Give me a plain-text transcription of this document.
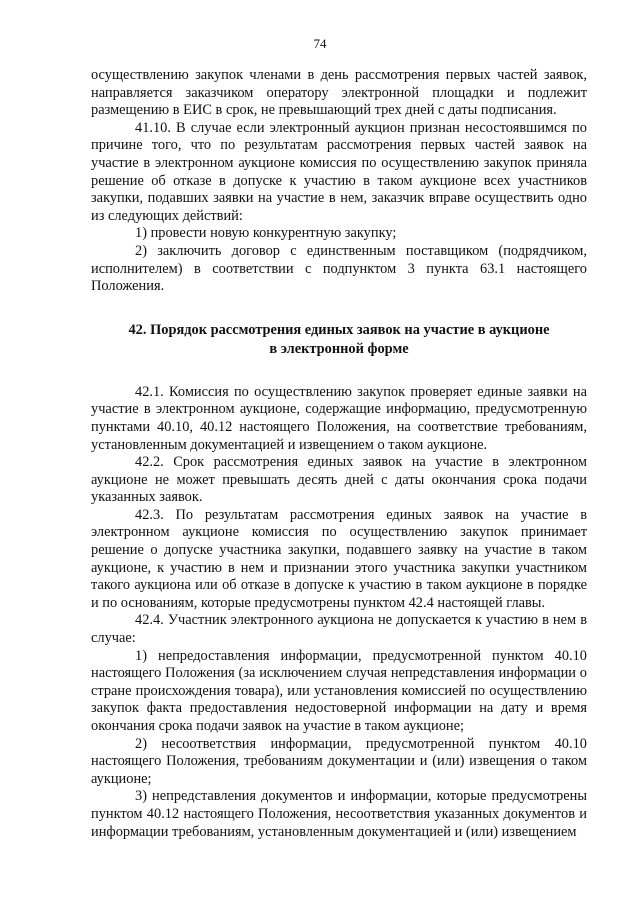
74

осуществлению закупок членами в день рассмотрения первых частей заявок, направляется заказчиком оператору электронной площадки и подлежит размещению в ЕИС в срок, не превышающий трех дней с даты подписания.

41.10. В случае если электронный аукцион признан несостоявшимся по причине того, что по результатам рассмотрения первых частей заявок на участие в электронном аукционе комиссия по осуществлению закупок приняла решение об отказе в допуске к участию в таком аукционе всех участников закупки, подавших заявки на участие в нем, заказчик вправе осуществить одно из следующих действий:

1) провести новую конкурентную закупку;

2) заключить договор с единственным поставщиком (подрядчиком, исполнителем) в соответствии с подпунктом 3 пункта 63.1 настоящего Положения.

42. Порядок рассмотрения единых заявок на участие в аукционе
в электронной форме

42.1. Комиссия по осуществлению закупок проверяет единые заявки на участие в электронном аукционе, содержащие информацию, предусмотренную пунктами 40.10, 40.12 настоящего Положения, на соответствие требованиям, установленным документацией и извещением о таком аукционе.

42.2. Срок рассмотрения единых заявок на участие в электронном аукционе не может превышать десять дней с даты окончания срока подачи указанных заявок.

42.3. По результатам рассмотрения единых заявок на участие в электронном аукционе комиссия по осуществлению закупок принимает решение о допуске участника закупки, подавшего заявку на участие в таком аукционе, к участию в нем и признании этого участника закупки участником такого аукциона или об отказе в допуске к участию в таком аукционе в порядке и по основаниям, которые предусмотрены пунктом 42.4 настоящей главы.

42.4. Участник электронного аукциона не допускается к участию в нем в случае:

1) непредоставления информации, предусмотренной пунктом 40.10 настоящего Положения (за исключением случая непредставления информации о стране происхождения товара), или установления комиссией по осуществлению закупок факта предоставления недостоверной информации на дату и время окончания срока подачи заявок на участие в таком аукционе;

2) несоответствия информации, предусмотренной пунктом 40.10 настоящего Положения, требованиям документации и (или) извещения о таком аукционе;

3) непредставления документов и информации, которые предусмотрены пунктом 40.12 настоящего Положения, несоответствия указанных документов и информации требованиям, установленным документацией и (или) извещением
